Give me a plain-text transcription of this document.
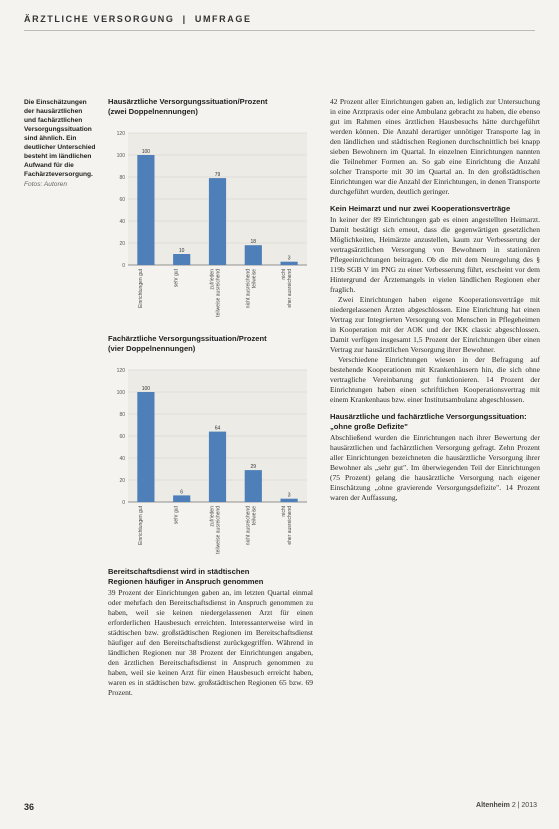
ÄRZTLICHE VERSORGUNG | UMFRAGE
Die Einschätzungen der hausärztlichen und fachärztlichen Versorgungssituation sind ähnlich. Ein deutlicher Unterschied besteht im ländlichen Aufwand für die Fachärzteversorgung.
Fotos: Autoren
Hausärztliche Versorgungssituation/Prozent
(zwei Doppelnennungen)
0
20
40
60
80
100
120
100
Einrichtungen gut
10
sehr gut
79
zufrieden teilweise ausreichend
18
nicht ausreichend teilweise
3
nicht eher ausreichend
Fachärztliche Versorgungssituation/Prozent
(vier Doppelnennungen)
0
20
40
60
80
100
120
100
Einrichtungen gut
6
sehr gut
64
zufrieden teilweise ausreichend
29
nicht ausreichend teilweise
3
nicht eher ausreichend
Bereitschaftsdienst wird in städtischen
Regionen häufiger in Anspruch genommen

39 Prozent der Einrichtungen gaben an, im letzten Quartal einmal oder mehrfach den Bereitschaftsdienst in Anspruch genommen zu haben, weil sie keinen niedergelassenen Arzt für einen erforderlichen Hausbesuch erreichten. Interessanterweise wird in städtischen bzw. großstädtischen Regionen im Bereitschaftsdienst häufiger auf den Bereitschaftsdienst zurückgegriffen. Während in ländlichen Regionen nur 38 Prozent der Einrichtungen angaben, den ärztlichen Bereitschaftsdienst in Anspruch genommen zu haben, weil sie keinen Arzt für einen Hausbesuch erreicht haben, waren es in städtischen bzw. großstädtischen Regionen 65 bzw. 69 Prozent.

42 Prozent aller Einrichtungen gaben an, lediglich zur Untersuchung in eine Arztpraxis oder eine Ambulanz gebracht zu haben, die ebenso gut im Rahmen eines ärztlichen Hausbesuchs hätte durchgeführt werden können. Die Anzahl derartiger unnötiger Transporte lag in den ländlichen und städtischen Regionen durchschnittlich bei knapp sieben Bewohnern im Quartal. In einzelnen Einrichtungen nannten die Teilnehmer Formen an. So gab eine Einrichtung die Anzahl solcher Transporte mit 30 im Quartal an. In den großstädtischen Einrichtungen war die Anzahl der Einrichtungen, in denen Transporte durchgeführt wurden, deutlich geringer.

Kein Heimarzt und nur zwei Kooperationsverträge

In keiner der 89 Einrichtungen gab es einen angestellten Heimarzt. Damit bestätigt sich erneut, dass die gegenwärtigen gesetzlichen Möglichkeiten, Heimärzte anzustellen, kaum zur Verbesserung der vertragsärztlichen Versorgung von Bewohnern in stationären Pflegeeinrichtungen beitragen. Ob die mit dem Neuregelung des § 119b SGB V im PNG zu einer Verbesserung führt, erscheint vor dem Hintergrund der Ärztemangels in vielen ländlichen Regionen eher fraglich.

Zwei Einrichtungen haben eigene Kooperationsverträge mit niedergelassenen Ärzten abgeschlossen. Eine Einrichtung hat einen Vertrag zur Integrierten Versorgung von Menschen in Pflegeheimen in Kooperation mit der AOK und der IKK classic abgeschlossen. Damit verfügen insgesamt 1,5 Prozent der Einrichtungen über einen Vertrag zur hausärztlichen Versorgung ihrer Bewohner.

Verschiedene Einrichtungen wiesen in der Befragung auf bestehende Kooperationen mit Krankenhäusern hin, die sich ohne vertragliche Vereinbarung gut funktionieren. 14 Prozent der Einrichtungen haben einen schriftlichen Kooperationsvertrag mit einem Krankenhaus bzw. einer Institutsambulanz abgeschlossen.

Hausärztliche und fachärztliche Versorgungssituation: „ohne große Defizite"

Abschließend wurden die Einrichtungen nach ihrer Bewertung der hausärztlichen und fachärztlichen Versorgung gefragt. Zehn Prozent aller Einrichtungen bezeichneten die hausärztliche Versorgung ihrer Bewohner als „sehr gut". Im überwiegenden Teil der Einrichtungen (75 Prozent) gelang die hausärztliche Versorgung nach eigener Einschätzung „ohne gravierende Versorgungsdefizite". 14 Prozent waren der Auffassung,

36	Altenheim 2 | 2013
